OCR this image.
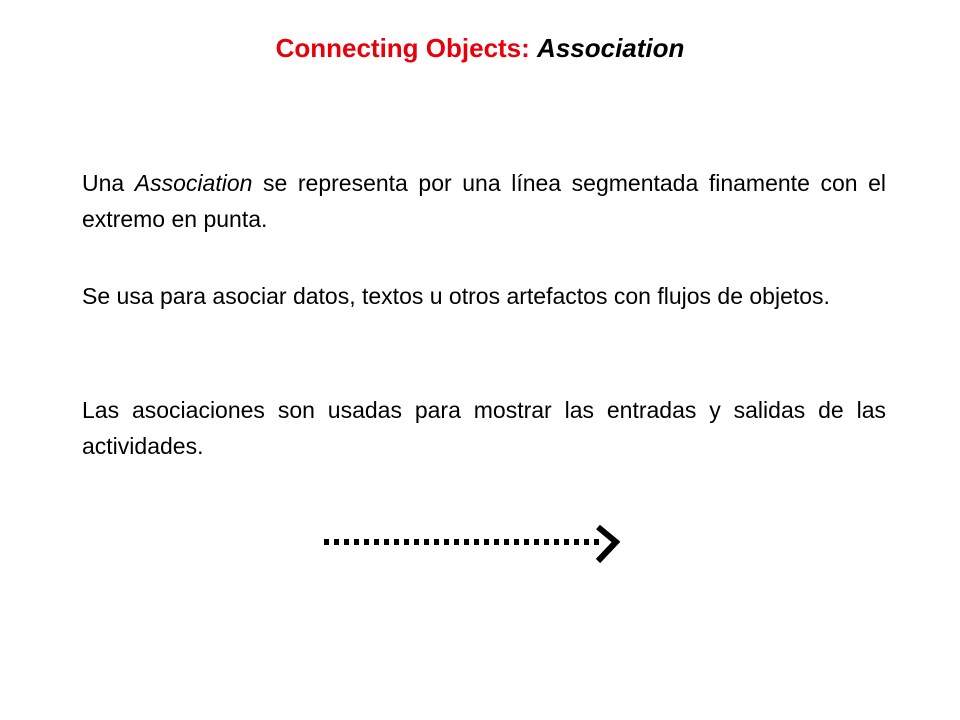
Connecting Objects: Association

Una Association se representa por una línea segmentada finamente con el extremo en punta.

Se usa para asociar datos, textos u otros artefactos con flujos de objetos.

Las asociaciones son usadas para mostrar las entradas y salidas de las actividades.
